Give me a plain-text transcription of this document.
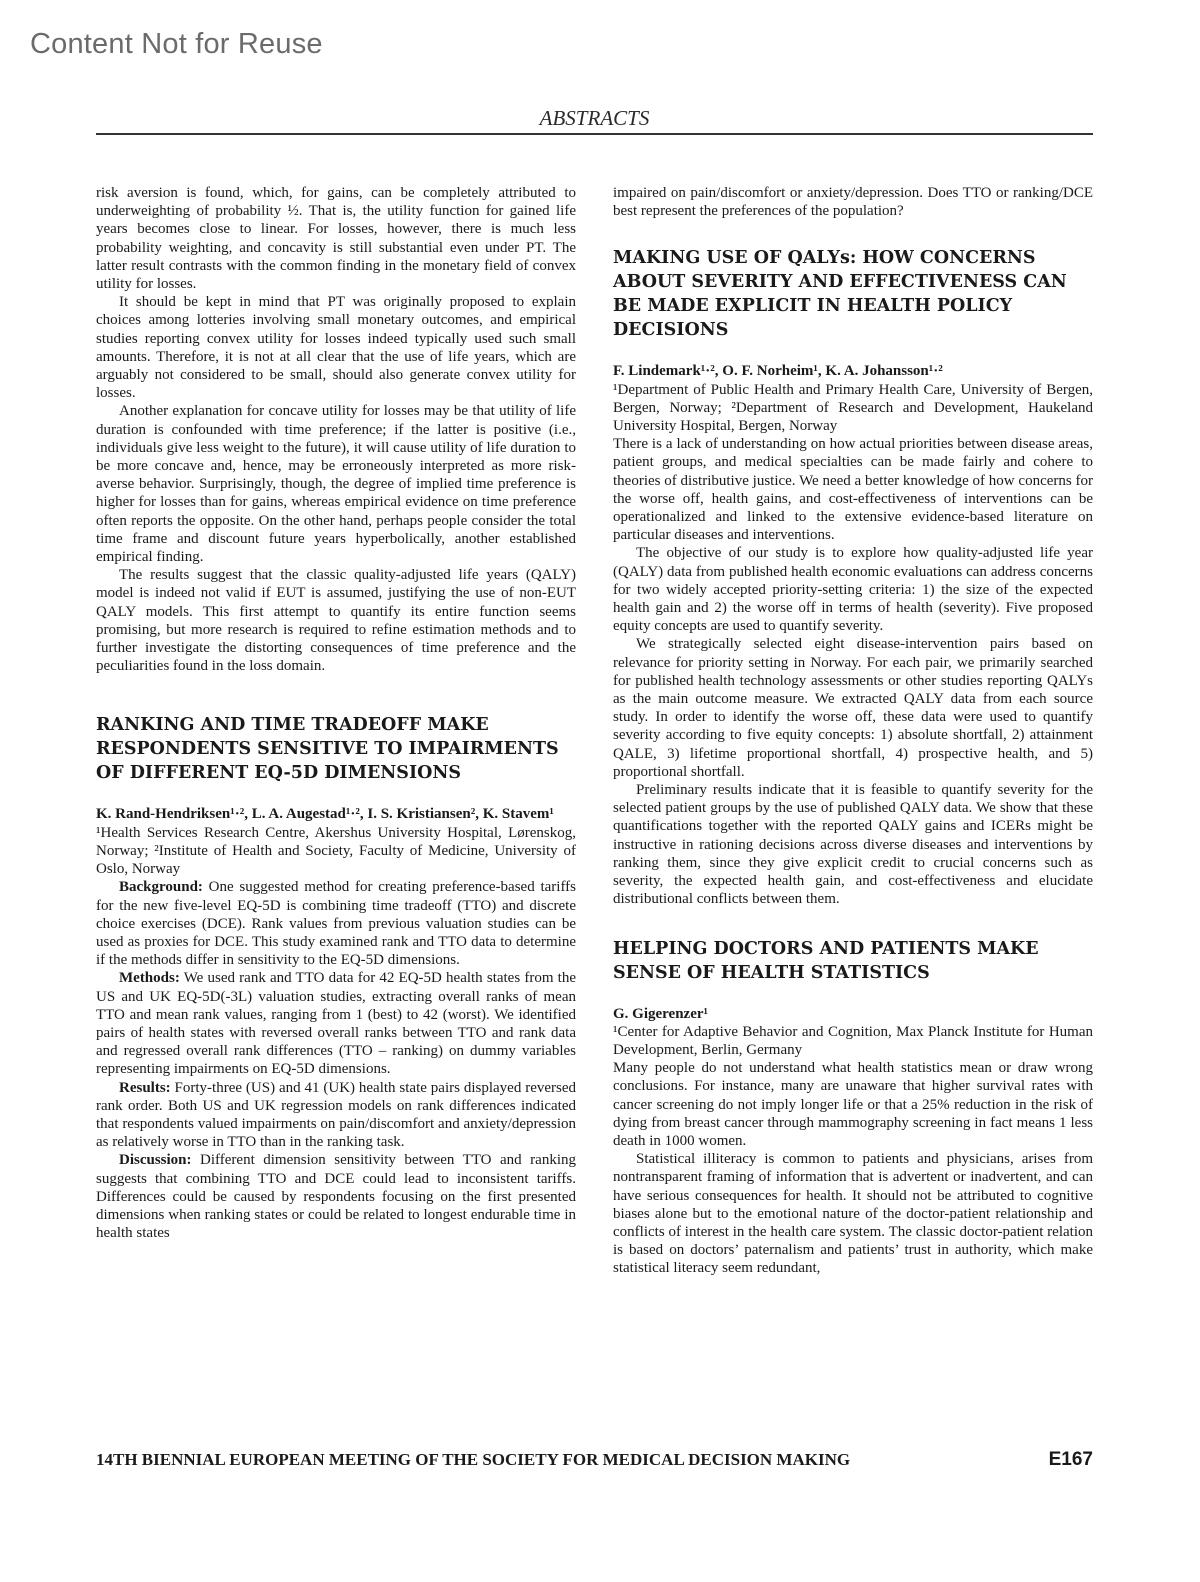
Content Not for Reuse
ABSTRACTS

risk aversion is found, which, for gains, can be completely attributed to underweighting of probability ½. That is, the utility function for gained life years becomes close to linear. For losses, however, there is much less probability weighting, and concavity is still substantial even under PT. The latter result contrasts with the common finding in the monetary field of convex utility for losses.

It should be kept in mind that PT was originally proposed to explain choices among lotteries involving small monetary outcomes, and empirical studies reporting convex utility for losses indeed typically used such small amounts. Therefore, it is not at all clear that the use of life years, which are arguably not considered to be small, should also generate convex utility for losses.

Another explanation for concave utility for losses may be that utility of life duration is confounded with time preference; if the latter is positive (i.e., individuals give less weight to the future), it will cause utility of life duration to be more concave and, hence, may be erroneously interpreted as more risk-averse behavior. Surprisingly, though, the degree of implied time preference is higher for losses than for gains, whereas empirical evidence on time preference often reports the opposite. On the other hand, perhaps people consider the total time frame and discount future years hyperbolically, another established empirical finding.

The results suggest that the classic quality-adjusted life years (QALY) model is indeed not valid if EUT is assumed, justifying the use of non-EUT QALY models. This first attempt to quantify its entire function seems promising, but more research is required to refine estimation methods and to further investigate the distorting consequences of time preference and the peculiarities found in the loss domain.

RANKING AND TIME TRADEOFF MAKE RESPONDENTS SENSITIVE TO IMPAIRMENTS OF DIFFERENT EQ-5D DIMENSIONS
K. Rand-Hendriksen¹·², L. A. Augestad¹·², I. S. Kristiansen², K. Stavem¹

¹Health Services Research Centre, Akershus University Hospital, Lørenskog, Norway; ²Institute of Health and Society, Faculty of Medicine, University of Oslo, Norway

Background: One suggested method for creating preference-based tariffs for the new five-level EQ-5D is combining time tradeoff (TTO) and discrete choice exercises (DCE). Rank values from previous valuation studies can be used as proxies for DCE. This study examined rank and TTO data to determine if the methods differ in sensitivity to the EQ-5D dimensions.

Methods: We used rank and TTO data for 42 EQ-5D health states from the US and UK EQ-5D(-3L) valuation studies, extracting overall ranks of mean TTO and mean rank values, ranging from 1 (best) to 42 (worst). We identified pairs of health states with reversed overall ranks between TTO and rank data and regressed overall rank differences (TTO – ranking) on dummy variables representing impairments on EQ-5D dimensions.

Results: Forty-three (US) and 41 (UK) health state pairs displayed reversed rank order. Both US and UK regression models on rank differences indicated that respondents valued impairments on pain/discomfort and anxiety/depression as relatively worse in TTO than in the ranking task.

Discussion: Different dimension sensitivity between TTO and ranking suggests that combining TTO and DCE could lead to inconsistent tariffs. Differences could be caused by respondents focusing on the first presented dimensions when ranking states or could be related to longest endurable time in health states

impaired on pain/discomfort or anxiety/depression. Does TTO or ranking/DCE best represent the preferences of the population?

MAKING USE OF QALYs: HOW CONCERNS ABOUT SEVERITY AND EFFECTIVENESS CAN BE MADE EXPLICIT IN HEALTH POLICY DECISIONS
F. Lindemark¹·², O. F. Norheim¹, K. A. Johansson¹·²

¹Department of Public Health and Primary Health Care, University of Bergen, Bergen, Norway; ²Department of Research and Development, Haukeland University Hospital, Bergen, Norway

There is a lack of understanding on how actual priorities between disease areas, patient groups, and medical specialties can be made fairly and cohere to theories of distributive justice. We need a better knowledge of how concerns for the worse off, health gains, and cost-effectiveness of interventions can be operationalized and linked to the extensive evidence-based literature on particular diseases and interventions.

The objective of our study is to explore how quality-adjusted life year (QALY) data from published health economic evaluations can address concerns for two widely accepted priority-setting criteria: 1) the size of the expected health gain and 2) the worse off in terms of health (severity). Five proposed equity concepts are used to quantify severity.

We strategically selected eight disease-intervention pairs based on relevance for priority setting in Norway. For each pair, we primarily searched for published health technology assessments or other studies reporting QALYs as the main outcome measure. We extracted QALY data from each source study. In order to identify the worse off, these data were used to quantify severity according to five equity concepts: 1) absolute shortfall, 2) attainment QALE, 3) lifetime proportional shortfall, 4) prospective health, and 5) proportional shortfall.

Preliminary results indicate that it is feasible to quantify severity for the selected patient groups by the use of published QALY data. We show that these quantifications together with the reported QALY gains and ICERs might be instructive in rationing decisions across diverse diseases and interventions by ranking them, since they give explicit credit to crucial concerns such as severity, the expected health gain, and cost-effectiveness and elucidate distributional conflicts between them.

HELPING DOCTORS AND PATIENTS MAKE SENSE OF HEALTH STATISTICS
G. Gigerenzer¹

¹Center for Adaptive Behavior and Cognition, Max Planck Institute for Human Development, Berlin, Germany

Many people do not understand what health statistics mean or draw wrong conclusions. For instance, many are unaware that higher survival rates with cancer screening do not imply longer life or that a 25% reduction in the risk of dying from breast cancer through mammography screening in fact means 1 less death in 1000 women.

Statistical illiteracy is common to patients and physicians, arises from nontransparent framing of information that is advertent or inadvertent, and can have serious consequences for health. It should not be attributed to cognitive biases alone but to the emotional nature of the doctor-patient relationship and conflicts of interest in the health care system. The classic doctor-patient relation is based on doctors’ paternalism and patients’ trust in authority, which make statistical literacy seem redundant,

14TH BIENNIAL EUROPEAN MEETING OF THE SOCIETY FOR MEDICAL DECISION MAKING	E167
